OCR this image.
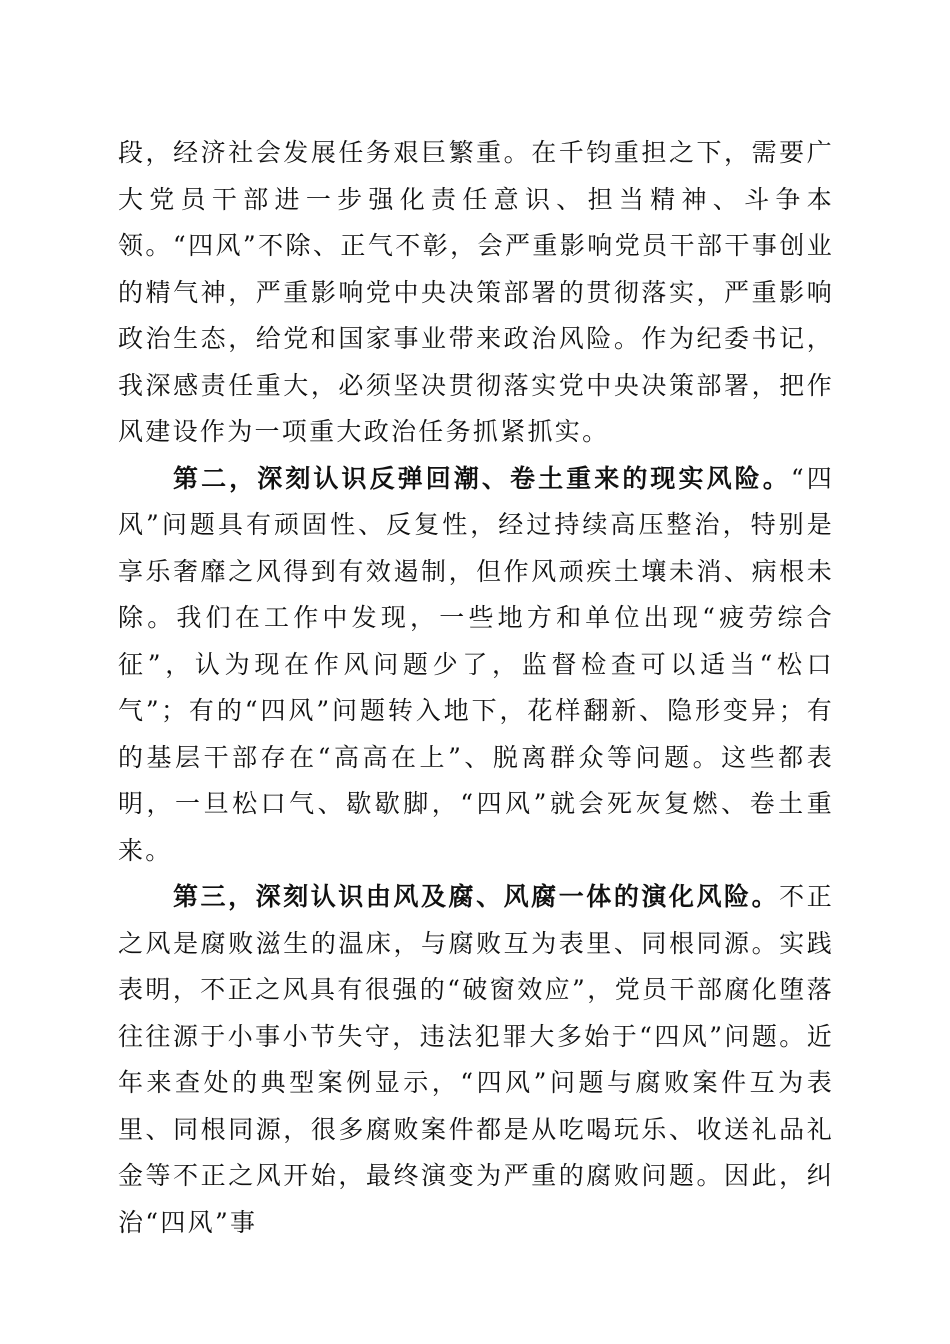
段，经济社会发展任务艰巨繁重。在千钧重担之下，需要广大党员干部进一步强化责任意识、担当精神、斗争本领。“四风”不除、正气不彰，会严重影响党员干部干事创业的精气神，严重影响党中央决策部署的贯彻落实，严重影响政治生态，给党和国家事业带来政治风险。作为纪委书记，我深感责任重大，必须坚决贯彻落实党中央决策部署，把作风建设作为一项重大政治任务抓紧抓实。

第二，深刻认识反弹回潮、卷土重来的现实风险。“四风”问题具有顽固性、反复性，经过持续高压整治，特别是享乐奢靡之风得到有效遏制，但作风顽疾土壤未消、病根未除。我们在工作中发现，一些地方和单位出现“疲劳综合征”，认为现在作风问题少了，监督检查可以适当“松口气”；有的“四风”问题转入地下，花样翻新、隐形变异；有的基层干部存在“高高在上”、脱离群众等问题。这些都表明，一旦松口气、歇歇脚，“四风”就会死灰复燃、卷土重来。

第三，深刻认识由风及腐、风腐一体的演化风险。不正之风是腐败滋生的温床，与腐败互为表里、同根同源。实践表明，不正之风具有很强的“破窗效应”，党员干部腐化堕落往往源于小事小节失守，违法犯罪大多始于“四风”问题。近年来查处的典型案例显示，“四风”问题与腐败案件互为表里、同根同源，很多腐败案件都是从吃喝玩乐、收送礼品礼金等不正之风开始，最终演变为严重的腐败问题。因此，纠治“四风”事
